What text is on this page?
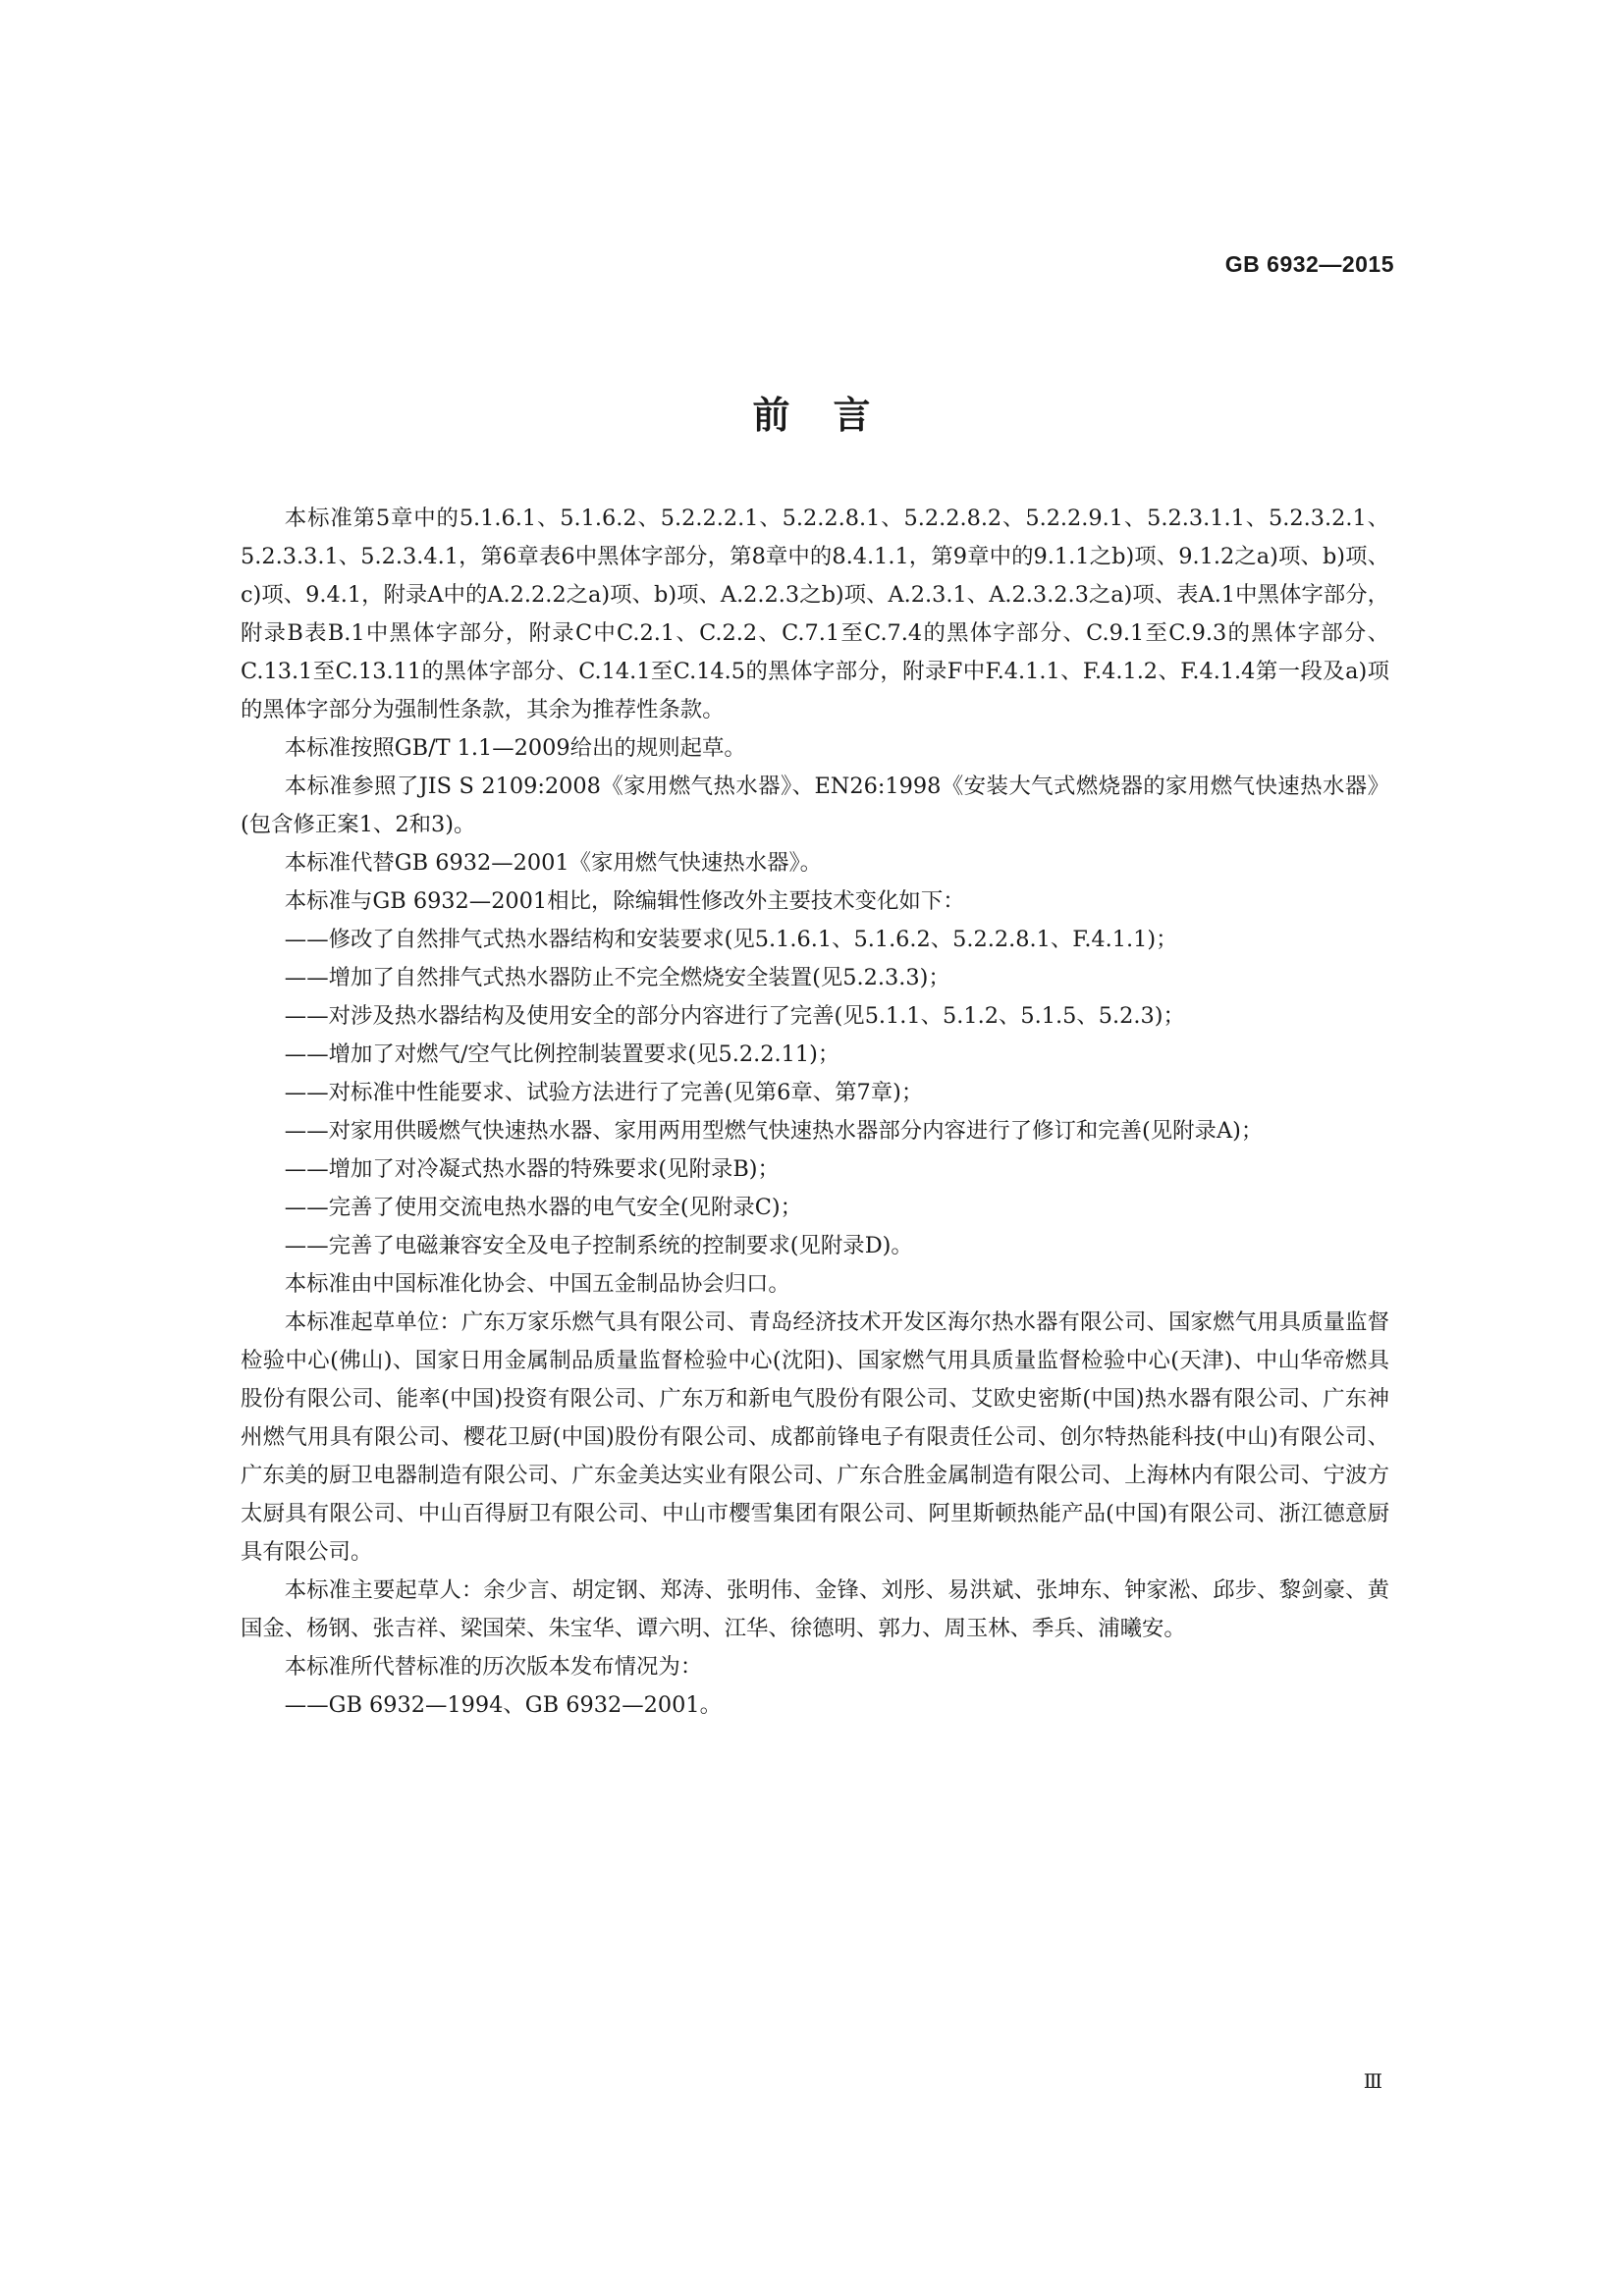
GB 6932—2015
前言

本标准第5章中的5.1.6.1、5.1.6.2、5.2.2.2.1、5.2.2.8.1、5.2.2.8.2、5.2.2.9.1、5.2.3.1.1、5.2.3.2.1、5.2.3.3.1、5.2.3.4.1，第6章表6中黑体字部分，第8章中的8.4.1.1，第9章中的9.1.1之b)项、9.1.2之a)项、b)项、c)项、9.4.1，附录A中的A.2.2.2之a)项、b)项、A.2.2.3之b)项、A.2.3.1、A.2.3.2.3之a)项、表A.1中黑体字部分，附录B表B.1中黑体字部分，附录C中C.2.1、C.2.2、C.7.1至C.7.4的黑体字部分、C.9.1至C.9.3的黑体字部分、C.13.1至C.13.11的黑体字部分、C.14.1至C.14.5的黑体字部分，附录F中F.4.1.1、F.4.1.2、F.4.1.4第一段及a)项的黑体字部分为强制性条款，其余为推荐性条款。

本标准按照GB/T 1.1—2009给出的规则起草。

本标准参照了JIS S 2109:2008《家用燃气热水器》、EN26:1998《安装大气式燃烧器的家用燃气快速热水器》(包含修正案1、2和3)。

本标准代替GB 6932—2001《家用燃气快速热水器》。

本标准与GB 6932—2001相比，除编辑性修改外主要技术变化如下：

——修改了自然排气式热水器结构和安装要求(见5.1.6.1、5.1.6.2、5.2.2.8.1、F.4.1.1)；

——增加了自然排气式热水器防止不完全燃烧安全装置(见5.2.3.3)；

——对涉及热水器结构及使用安全的部分内容进行了完善(见5.1.1、5.1.2、5.1.5、5.2.3)；

——增加了对燃气/空气比例控制装置要求(见5.2.2.11)；

——对标准中性能要求、试验方法进行了完善(见第6章、第7章)；

——对家用供暖燃气快速热水器、家用两用型燃气快速热水器部分内容进行了修订和完善(见附录A)；

——增加了对冷凝式热水器的特殊要求(见附录B)；

——完善了使用交流电热水器的电气安全(见附录C)；

——完善了电磁兼容安全及电子控制系统的控制要求(见附录D)。

本标准由中国标准化协会、中国五金制品协会归口。

本标准起草单位：广东万家乐燃气具有限公司、青岛经济技术开发区海尔热水器有限公司、国家燃气用具质量监督检验中心(佛山)、国家日用金属制品质量监督检验中心(沈阳)、国家燃气用具质量监督检验中心(天津)、中山华帝燃具股份有限公司、能率(中国)投资有限公司、广东万和新电气股份有限公司、艾欧史密斯(中国)热水器有限公司、广东神州燃气用具有限公司、樱花卫厨(中国)股份有限公司、成都前锋电子有限责任公司、创尔特热能科技(中山)有限公司、广东美的厨卫电器制造有限公司、广东金美达实业有限公司、广东合胜金属制造有限公司、上海林内有限公司、宁波方太厨具有限公司、中山百得厨卫有限公司、中山市樱雪集团有限公司、阿里斯顿热能产品(中国)有限公司、浙江德意厨具有限公司。

本标准主要起草人：余少言、胡定钢、郑涛、张明伟、金锋、刘彤、易洪斌、张坤东、钟家淞、邱步、黎剑豪、黄国金、杨钢、张吉祥、梁国荣、朱宝华、谭六明、江华、徐德明、郭力、周玉林、季兵、浦曦安。

本标准所代替标准的历次版本发布情况为：

——GB 6932—1994、GB 6932—2001。

Ⅲ
